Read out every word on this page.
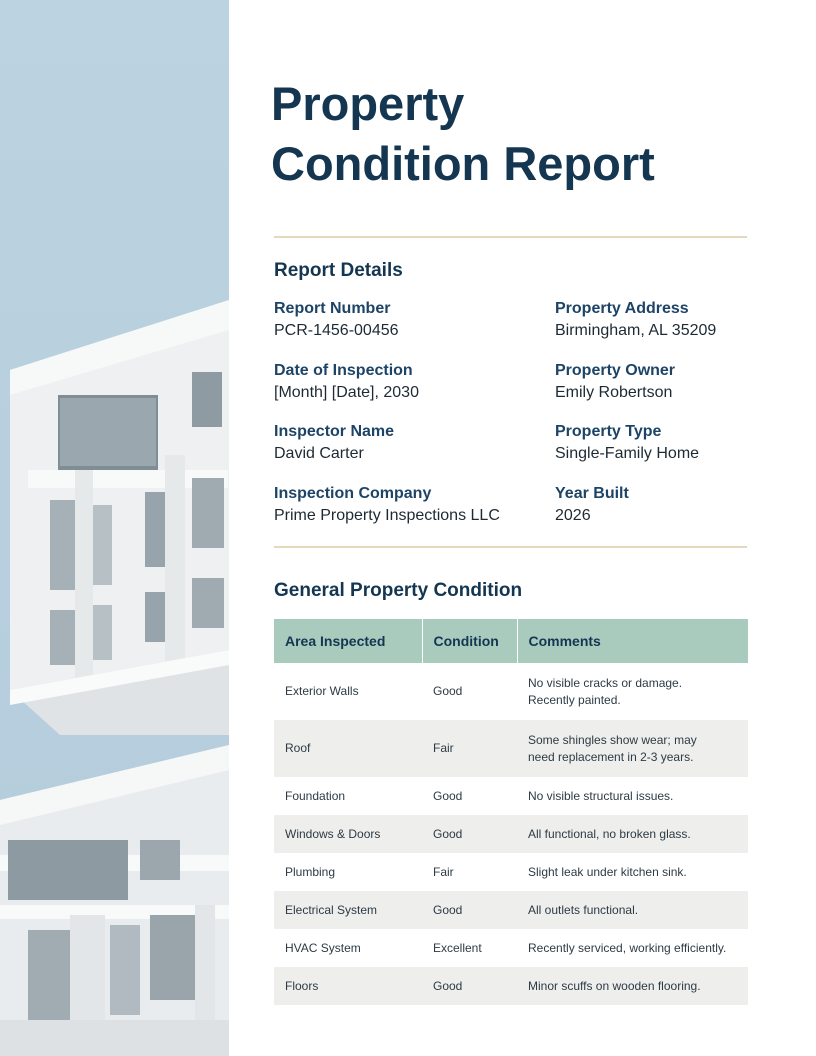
Property
Condition Report
Report Details
Report Number
PCR-1456-00456
Property Address
Birmingham, AL 35209
Date of Inspection
[Month] [Date], 2030
Property Owner
Emily Robertson
Inspector Name
David Carter
Property Type
Single-Family Home
Inspection Company
Prime Property Inspections LLC
Year Built
2026
General Property Condition
Area Inspected	Condition	Comments
Exterior Walls	Good	No visible cracks or damage.
Recently painted.
Roof	Fair	Some shingles show wear; may
need replacement in 2-3 years.
Foundation	Good	No visible structural issues.
Windows & Doors	Good	All functional, no broken glass.
Plumbing	Fair	Slight leak under kitchen sink.
Electrical System	Good	All outlets functional.
HVAC System	Excellent	Recently serviced, working efficiently.
Floors	Good	Minor scuffs on wooden flooring.
